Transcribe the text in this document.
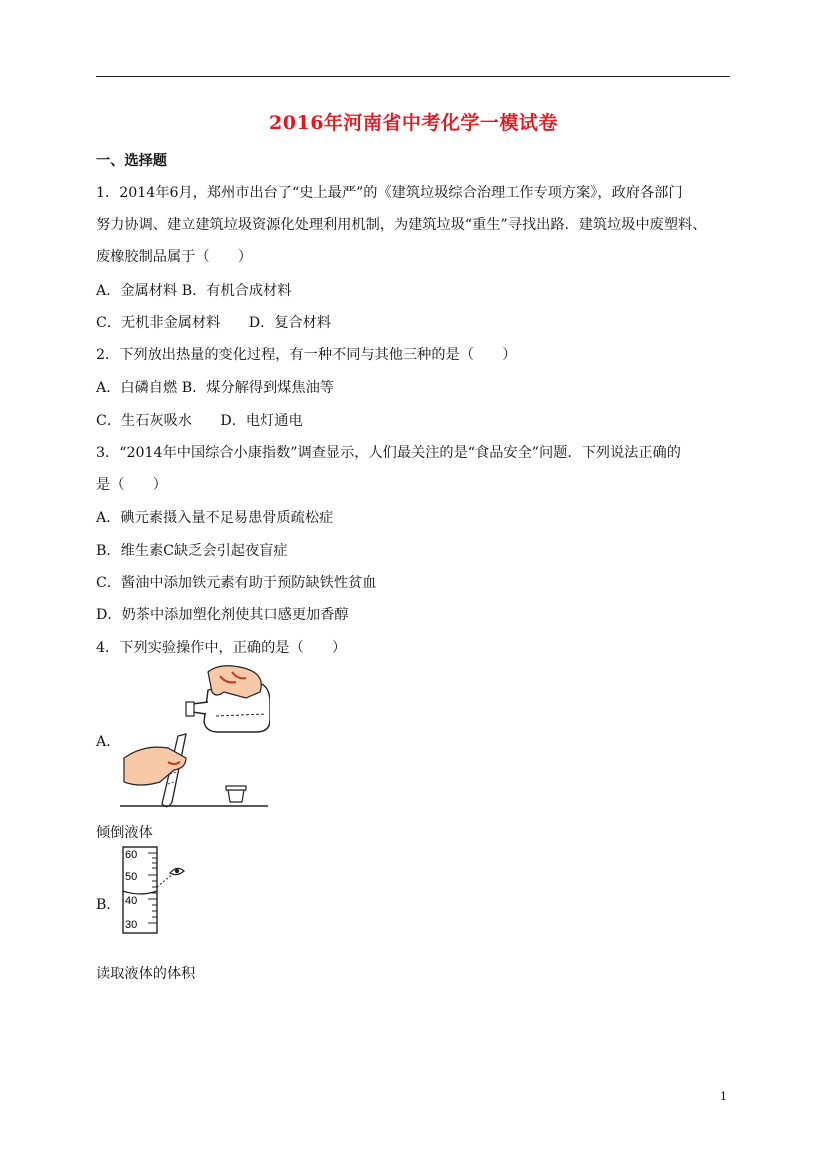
2016年河南省中考化学一模试卷
一、选择题
1．2014年6月，郑州市出台了“史上最严”的《建筑垃圾综合治理工作专项方案》，政府各部门
努力协调、建立建筑垃圾资源化处理利用机制，为建筑垃圾“重生”寻找出路．建筑垃圾中废塑料、
废橡胶制品属于（　　）
A．金属材料 B．有机合成材料
C．无机非金属材料　　D．复合材料
2．下列放出热量的变化过程，有一种不同与其他三种的是（　　）
A．白磷自燃 B．煤分解得到煤焦油等
C．生石灰吸水　　D．电灯通电
3．“2014年中国综合小康指数”调查显示，人们最关注的是“食品安全”问题．下列说法正确的
是（　　）
A．碘元素摄入量不足易患骨质疏松症
B．维生素C缺乏会引起夜盲症
C．酱油中添加铁元素有助于预防缺铁性贫血
D．奶茶中添加塑化剂使其口感更加香醇
4．下列实验操作中，正确的是（　　）
A．
倾倒液体
B．
60
50
40
30
读取液体的体积
1
